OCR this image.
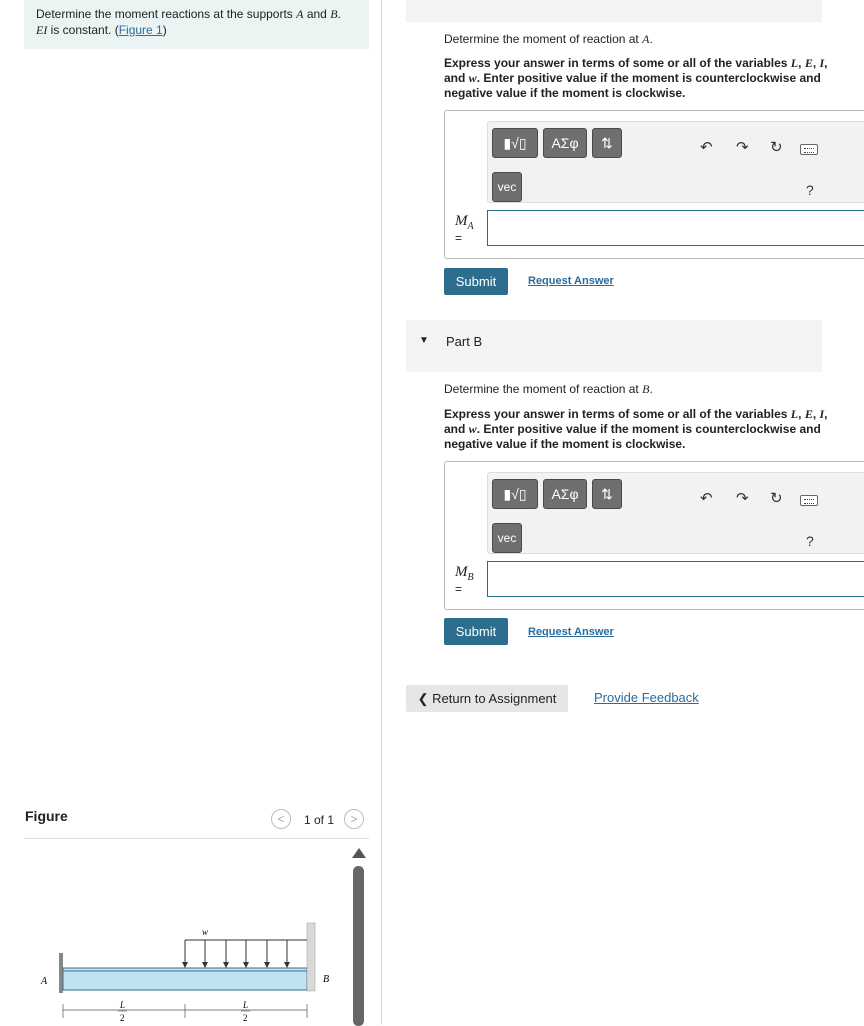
Determine the moment reactions at the supports A and B.
EI is constant. (Figure 1)
Figure	<	1 of 1	>
A	B
w
L
2
L
2
Determine the moment of reaction at A.
Express your answer in terms of some or all of the variables L, E, I, and w. Enter positive value if the moment is counterclockwise and negative value if the moment is clockwise.
▮√▯	ΑΣφ	⇅
vec
↶ ↷ ↻
?
$M_A$
=
Submit	Request Answer
▼ Part B
Determine the moment of reaction at B.
Express your answer in terms of some or all of the variables L, E, I, and w. Enter positive value if the moment is counterclockwise and negative value if the moment is clockwise.
▮√▯	ΑΣφ	⇅
vec
↶ ↷ ↻
?
$M_B$
=
Submit	Request Answer
❮ Return to Assignment	Provide Feedback
